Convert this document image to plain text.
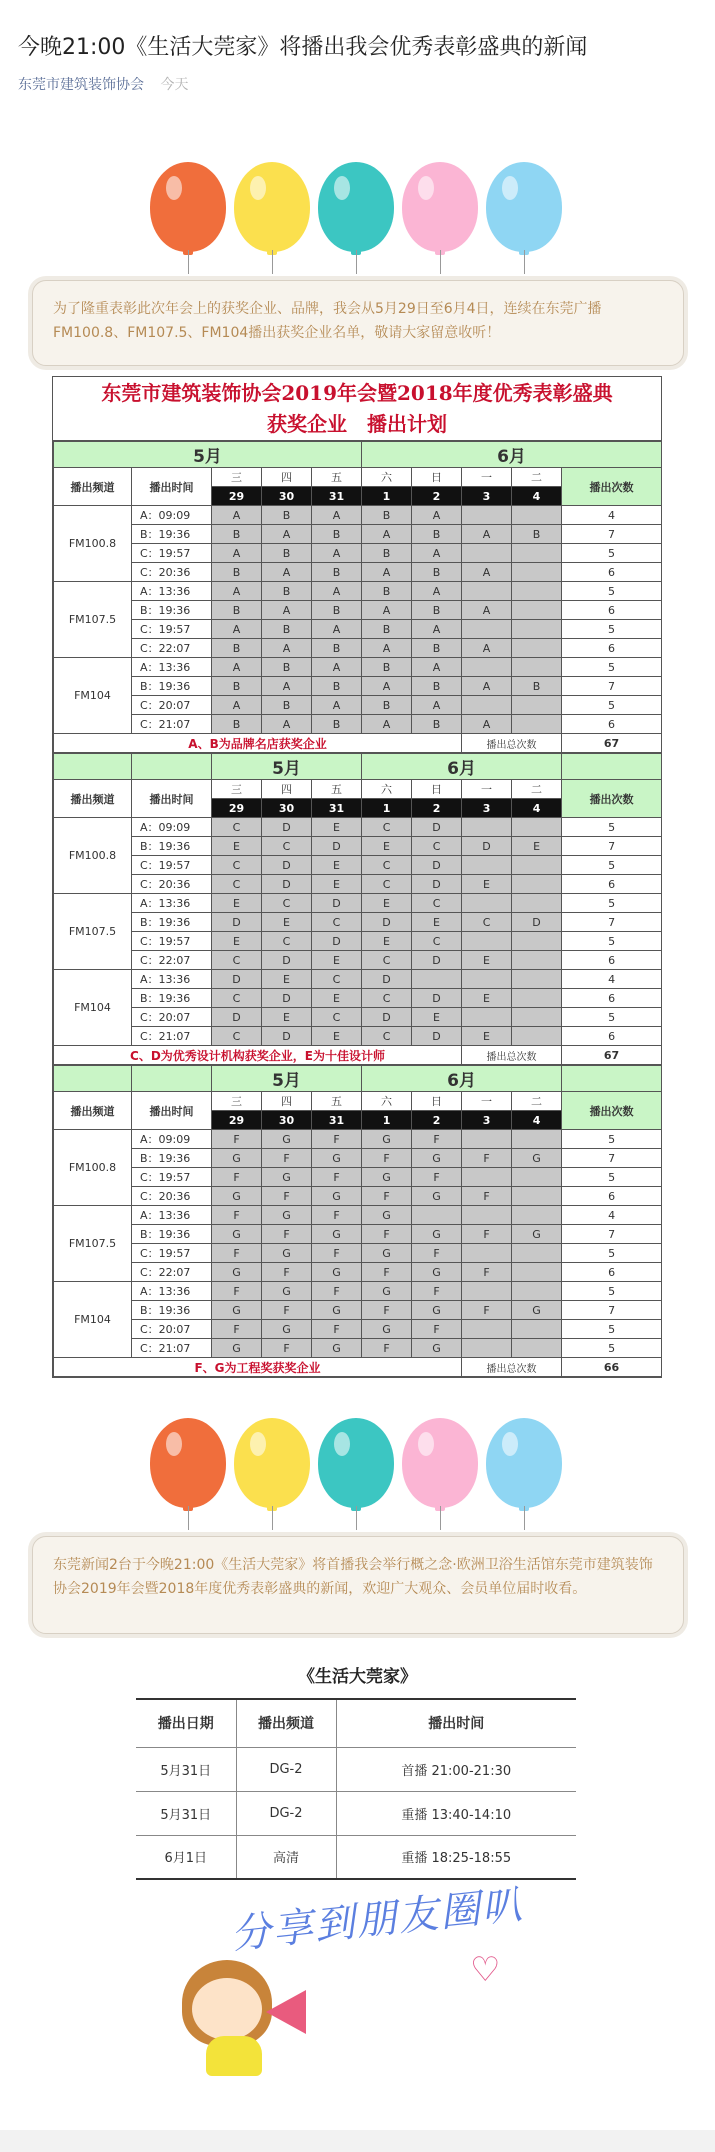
今晚21:00《生活大莞家》将播出我会优秀表彰盛典的新闻
东莞市建筑装饰协会 今天
为了隆重表彰此次年会上的获奖企业、品牌，我会从5月29日至6月4日，连续在东莞广播FM100.8、FM107.5、FM104播出获奖企业名单，敬请大家留意收听！
东莞市建筑装饰协会2019年会暨2018年度优秀表彰盛典
获奖企业 播出计划
5月					6月				
播出频道	播出时间	三	四	五	六	日	一	二	播出次数
		29	30	31	1	2	3	4	
FM100.8	A：09:09	A	B	A	B	A			4
	B：19:36	B	A	B	A	B	A	B	7
	C：19:57	A	B	A	B	A			5
	C：20:36	B	A	B	A	B	A		6
FM107.5	A：13:36	A	B	A	B	A			5
	B：19:36	B	A	B	A	B	A		6
	C：19:57	A	B	A	B	A			5
	C：22:07	B	A	B	A	B	A		6
FM104	A：13:36	A	B	A	B	A			5
	B：19:36	B	A	B	A	B	A	B	7
	C：20:07	A	B	A	B	A			5
	C：21:07	B	A	B	A	B	A		6
A、B为品牌名店获奖企业							播出总次数		67
		5月			6月				
播出频道	播出时间	三	四	五	六	日	一	二	播出次数
		29	30	31	1	2	3	4	
FM100.8	A：09:09	C	D	E	C	D			5
	B：19:36	E	C	D	E	C	D	E	7
	C：19:57	C	D	E	C	D			5
	C：20:36	C	D	E	C	D	E		6
FM107.5	A：13:36	E	C	D	E	C			5
	B：19:36	D	E	C	D	E	C	D	7
	C：19:57	E	C	D	E	C			5
	C：22:07	C	D	E	C	D	E		6
FM104	A：13:36	D	E	C	D				4
	B：19:36	C	D	E	C	D	E		6
	C：20:07	D	E	C	D	E			5
	C：21:07	C	D	E	C	D	E		6
C、D为优秀设计机构获奖企业，E为十佳设计师							播出总次数		67
		5月			6月				
播出频道	播出时间	三	四	五	六	日	一	二	播出次数
		29	30	31	1	2	3	4	
FM100.8	A：09:09	F	G	F	G	F			5
	B：19:36	G	F	G	F	G	F	G	7
	C：19:57	F	G	F	G	F			5
	C：20:36	G	F	G	F	G	F		6
FM107.5	A：13:36	F	G	F	G				4
	B：19:36	G	F	G	F	G	F	G	7
	C：19:57	F	G	F	G	F			5
	C：22:07	G	F	G	F	G	F		6
FM104	A：13:36	F	G	F	G	F			5
	B：19:36	G	F	G	F	G	F	G	7
	C：20:07	F	G	F	G	F			5
	C：21:07	G	F	G	F	G			5
F、G为工程奖获奖企业							播出总次数		66
东莞新闻2台于今晚21:00《生活大莞家》将首播我会举行概之念·欧洲卫浴生活馆东莞市建筑装饰协会2019年会暨2018年度优秀表彰盛典的新闻，欢迎广大观众、会员单位届时收看。
《生活大莞家》
播出日期	播出频道	播出时间
5月31日	DG-2	首播 21:00-21:30
5月31日	DG-2	重播 13:40-14:10
6月1日	高清	重播 18:25-18:55
分享到朋友圈叭
♡
